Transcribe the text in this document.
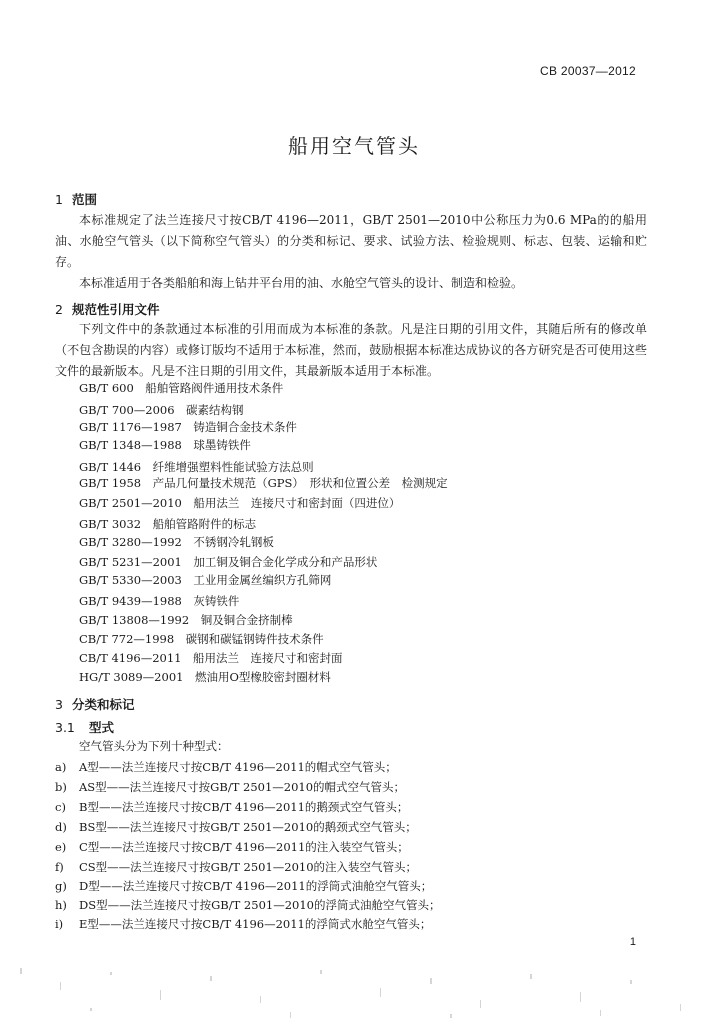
CB 20037—2012
船用空气管头
1 范围
本标准规定了法兰连接尺寸按CB/T 4196—2011，GB/T 2501—2010中公称压力为0.6 MPa的的船用油、水舱空气管头（以下简称空气管头）的分类和标记、要求、试验方法、检验规则、标志、包装、运输和贮存。
本标准适用于各类船舶和海上钻井平台用的油、水舱空气管头的设计、制造和检验。
2 规范性引用文件
下列文件中的条款通过本标准的引用而成为本标准的条款。凡是注日期的引用文件，其随后所有的修改单（不包含勘误的内容）或修订版均不适用于本标准，然而，鼓励根据本标准达成协议的各方研究是否可使用这些文件的最新版本。凡是不注日期的引用文件，其最新版本适用于本标准。
GB/T 600　船舶管路阀件通用技术条件
GB/T 700—2006　碳素结构钢
GB/T 1176—1987　铸造铜合金技术条件
GB/T 1348—1988　球墨铸铁件
GB/T 1446　纤维增强塑料性能试验方法总则
GB/T 1958　产品几何量技术规范（GPS）　形状和位置公差　检测规定
GB/T 2501—2010　船用法兰　连接尺寸和密封面（四进位）
GB/T 3032　船舶管路附件的标志
GB/T 3280—1992　不锈钢冷轧钢板
GB/T 5231—2001　加工铜及铜合金化学成分和产品形状
GB/T 5330—2003　工业用金属丝编织方孔筛网
GB/T 9439—1988　灰铸铁件
GB/T 13808—1992　铜及铜合金挤制棒
CB/T 772—1998　碳钢和碳锰钢铸件技术条件
CB/T 4196—2011　船用法兰　连接尺寸和密封面
HG/T 3089—2001　燃油用O型橡胶密封圈材料
3 分类和标记
3.1 型式
空气管头分为下列十种型式：
a) A型——法兰连接尺寸按CB/T 4196—2011的帽式空气管头；
b) AS型——法兰连接尺寸按GB/T 2501—2010的帽式空气管头；
c) B型——法兰连接尺寸按CB/T 4196—2011的鹅颈式空气管头；
d) BS型——法兰连接尺寸按GB/T 2501—2010的鹅颈式空气管头；
e) C型——法兰连接尺寸按CB/T 4196—2011的注入装空气管头；
f) CS型——法兰连接尺寸按GB/T 2501—2010的注入装空气管头；
g) D型——法兰连接尺寸按CB/T 4196—2011的浮筒式油舱空气管头；
h) DS型——法兰连接尺寸按GB/T 2501—2010的浮筒式油舱空气管头；
i) E型——法兰连接尺寸按CB/T 4196—2011的浮筒式水舱空气管头；
1
